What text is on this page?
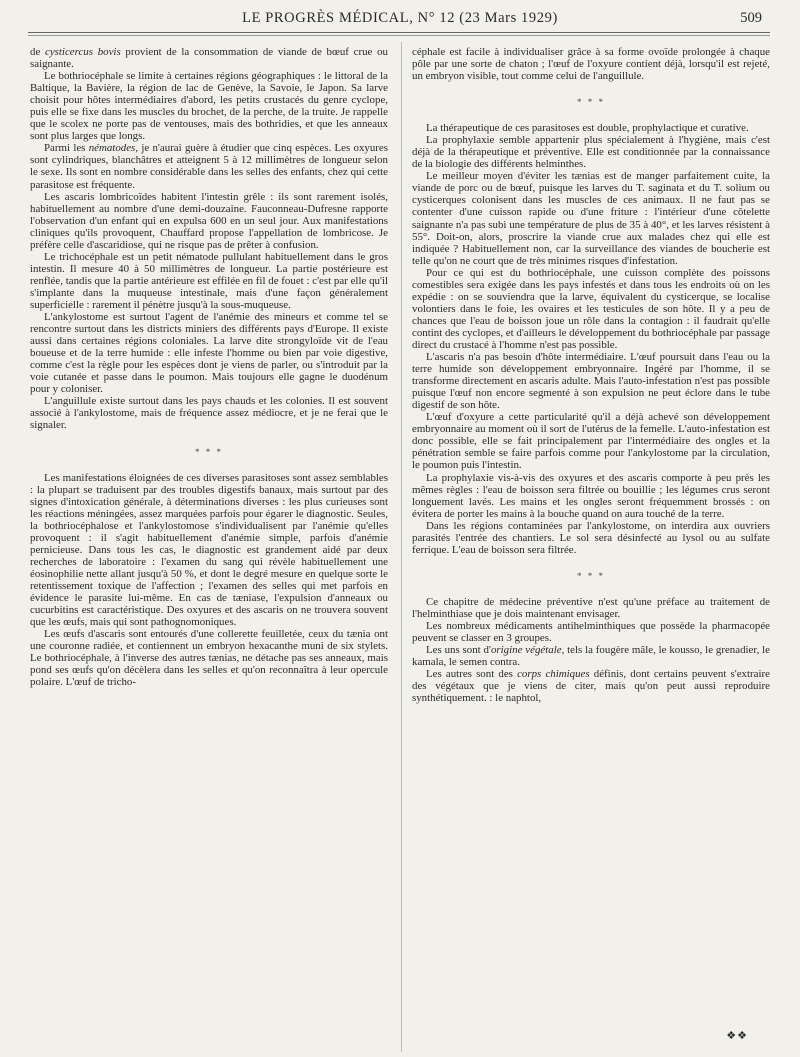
LE PROGRÈS MÉDICAL, N° 12 (23 Mars 1929)	509

de cysticercus bovis provient de la consommation de viande de bœuf crue ou saignante.

Le bothriocéphale se limite à certaines régions géographiques : le littoral de la Baltique, la Bavière, la région de lac de Genève, la Savoie, le Japon. Sa larve choisit pour hôtes intermédiaires d'abord, les petits crustacés du genre cyclope, puis elle se fixe dans les muscles du brochet, de la perche, de la truite. Je rappelle que le scolex ne porte pas de ventouses, mais des bothridies, et que les anneaux sont plus larges que longs.

Parmi les nématodes, je n'aurai guère à étudier que cinq espèces. Les oxyures sont cylindriques, blanchâtres et atteignent 5 à 12 millimètres de longueur selon le sexe. Ils sont en nombre considérable dans les selles des enfants, chez qui cette parasitose est fréquente.

Les ascaris lombricoïdes habitent l'intestin grêle : ils sont rarement isolés, habituellement au nombre d'une demi-douzaine. Fauconneau-Dufresne rapporte l'observation d'un enfant qui en expulsa 600 en un seul jour. Aux manifestations cliniques qu'ils provoquent, Chauffard propose l'appellation de lombricose. Je préfère celle d'ascaridiose, qui ne risque pas de prêter à confusion.

Le trichocéphale est un petit nématode pullulant habituellement dans le gros intestin. Il mesure 40 à 50 millimètres de longueur. La partie postérieure est renflée, tandis que la partie antérieure est effilée en fil de fouet : c'est par elle qu'il s'implante dans la muqueuse intestinale, mais d'une façon généralement superficielle : rarement il pénètre jusqu'à la sous-muqueuse.

L'ankylostome est surtout l'agent de l'anémie des mineurs et comme tel se rencontre surtout dans les districts miniers des différents pays d'Europe. Il existe aussi dans certaines régions coloniales. La larve dite strongyloïde vit de l'eau boueuse et de la terre humide : elle infeste l'homme ou bien par voie digestive, comme c'est la règle pour les espèces dont je viens de parler, ou s'introduit par la voie cutanée et passe dans le poumon. Mais toujours elle gagne le duodénum pour y coloniser.

L'anguillule existe surtout dans les pays chauds et les colonies. Il est souvent associé à l'ankylostome, mais de fréquence assez médiocre, et je ne ferai que le signaler.

* * *

Les manifestations éloignées de ces diverses parasitoses sont assez semblables : la plupart se traduisent par des troubles digestifs banaux, mais surtout par des signes d'intoxication générale, à déterminations diverses : les plus curieuses sont les réactions méningées, assez marquées parfois pour égarer le diagnostic. Seules, la bothriocéphalose et l'ankylostomose s'individualisent par l'anémie qu'elles provoquent : il s'agit habituellement d'anémie simple, parfois d'anémie pernicieuse. Dans tous les cas, le diagnostic est grandement aidé par deux recherches de laboratoire : l'examen du sang qui révèle habituellement une éosinophilie nette allant jusqu'à 50 %, et dont le degré mesure en quelque sorte le retentissement toxique de l'affection ; l'examen des selles qui met parfois en évidence le parasite lui-même. En cas de tæniase, l'expulsion d'anneaux ou cucurbitins est caractéristique. Des oxyures et des ascaris on ne trouvera souvent que les œufs, mais qui sont pathognomoniques.

Les œufs d'ascaris sont entourés d'une collerette feuilletée, ceux du tænia ont une couronne radiée, et contiennent un embryon hexacanthe muni de six stylets. Le bothriocéphale, à l'inverse des autres tænias, ne détache pas ses anneaux, mais pond ses œufs qu'on décèlera dans les selles et qu'on reconnaîtra à leur opercule polaire. L'œuf de tricho-

céphale est facile à individualiser grâce à sa forme ovoïde prolongée à chaque pôle par une sorte de chaton ; l'œuf de l'oxyure contient déjà, lorsqu'il est rejeté, un embryon visible, tout comme celui de l'anguillule.

* * *

La thérapeutique de ces parasitoses est double, prophylactique et curative.

La prophylaxie semble appartenir plus spécialement à l'hygiène, mais c'est déjà de la thérapeutique et préventive. Elle est conditionnée par la connaissance de la biologie des différents helminthes.

Le meilleur moyen d'éviter les tænias est de manger parfaitement cuite, la viande de porc ou de bœuf, puisque les larves du T. saginata et du T. solium ou cysticerques colonisent dans les muscles de ces animaux. Il ne faut pas se contenter d'une cuisson rapide ou d'une friture : l'intérieur d'une côtelette saignante n'a pas subi une température de plus de 35 à 40°, et les larves résistent à 55°. Doit-on, alors, proscrire la viande crue aux malades chez qui elle est indiquée ? Habituellement non, car la surveillance des viandes de boucherie est telle qu'on ne court que de très minimes risques d'infestation.

Pour ce qui est du bothriocéphale, une cuisson complète des poissons comestibles sera exigée dans les pays infestés et dans tous les endroits où on les expédie : on se souviendra que la larve, équivalent du cysticerque, se localise volontiers dans le foie, les ovaires et les testicules de son hôte. Il y a peu de chances que l'eau de boisson joue un rôle dans la contagion : il faudrait qu'elle contint des cyclopes, et d'ailleurs le développement du bothriocéphale par passage direct du crustacé à l'homme n'est pas possible.

L'ascaris n'a pas besoin d'hôte intermédiaire. L'œuf poursuit dans l'eau ou la terre humide son développement embryonnaire. Ingéré par l'homme, il se transforme directement en ascaris adulte. Mais l'auto-infestation n'est pas possible puisque l'œuf non encore segmenté à son expulsion ne peut éclore dans le tube digestif de son hôte.

L'œuf d'oxyure a cette particularité qu'il a déjà achevé son développement embryonnaire au moment où il sort de l'utérus de la femelle. L'auto-infestation est donc possible, elle se fait principalement par l'intermédiaire des ongles et la pénétration semble se faire parfois comme pour l'ankylostome par la circulation, le poumon puis l'intestin.

La prophylaxie vis-à-vis des oxyures et des ascaris comporte à peu près les mêmes règles : l'eau de boisson sera filtrée ou bouillie ; les légumes crus seront longuement lavés. Les mains et les ongles seront fréquemment brossés : on évitera de porter les mains à la bouche quand on aura touché de la terre.

Dans les régions contaminées par l'ankylostome, on interdira aux ouvriers parasités l'entrée des chantiers. Le sol sera désinfecté au lysol ou au sulfate ferrique. L'eau de boisson sera filtrée.

* * *

Ce chapitre de médecine préventive n'est qu'une préface au traitement de l'helminthiase que je dois maintenant envisager.

Les nombreux médicaments antihelminthiques que possède la pharmacopée peuvent se classer en 3 groupes.

Les uns sont d'origine végétale, tels la fougère mâle, le kousso, le grenadier, le kamala, le semen contra.

Les autres sont des corps chimiques définis, dont certains peuvent s'extraire des végétaux que je viens de citer, mais qu'on peut aussi reproduire synthétiquement. : le naphtol,

❖❖
